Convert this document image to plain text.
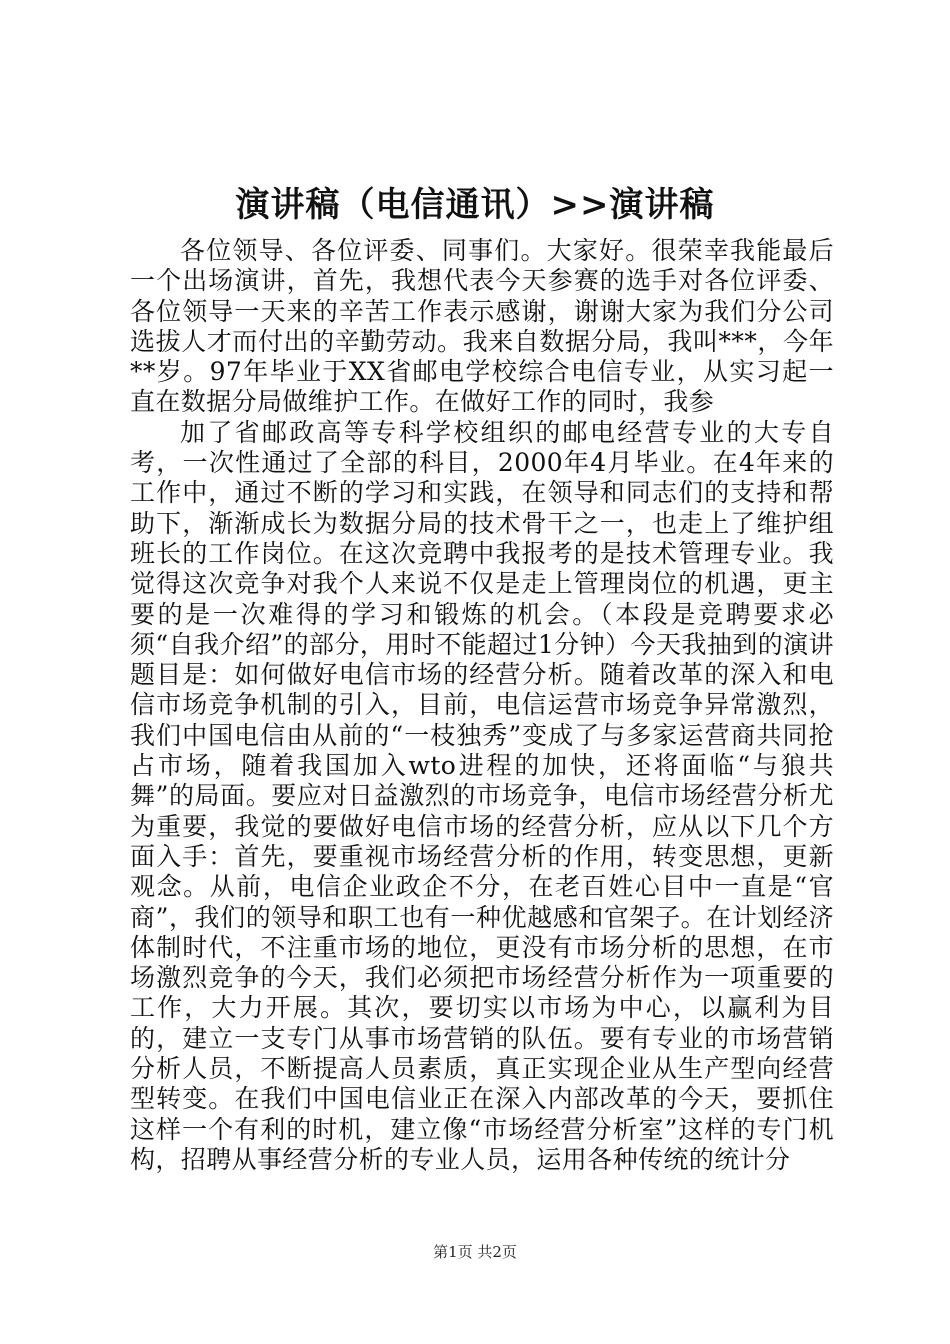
演讲稿（电信通讯）>>演讲稿

各位领导、各位评委、同事们。大家好。很荣幸我能最后一个出场演讲，首先，我想代表今天参赛的选手对各位评委、各位领导一天来的辛苦工作表示感谢，谢谢大家为我们分公司选拔人才而付出的辛勤劳动。我来自数据分局，我叫***，今年**岁。97年毕业于XX省邮电学校综合电信专业，从实习起一直在数据分局做维护工作。在做好工作的同时，我参

加了省邮政高等专科学校组织的邮电经营专业的大专自考，一次性通过了全部的科目，2000年4月毕业。在4年来的工作中，通过不断的学习和实践，在领导和同志们的支持和帮助下，渐渐成长为数据分局的技术骨干之一，也走上了维护组班长的工作岗位。在这次竞聘中我报考的是技术管理专业。我觉得这次竞争对我个人来说不仅是走上管理岗位的机遇，更主要的是一次难得的学习和锻炼的机会。（本段是竞聘要求必须“自我介绍”的部分，用时不能超过1分钟）今天我抽到的演讲题目是：如何做好电信市场的经营分析。随着改革的深入和电信市场竞争机制的引入，目前，电信运营市场竞争异常激烈，我们中国电信由从前的“一枝独秀”变成了与多家运营商共同抢占市场，随着我国加入wto进程的加快，还将面临“与狼共舞”的局面。要应对日益激烈的市场竞争，电信市场经营分析尤为重要，我觉的要做好电信市场的经营分析，应从以下几个方面入手：首先，要重视市场经营分析的作用，转变思想，更新观念。从前，电信企业政企不分，在老百姓心目中一直是“官商”，我们的领导和职工也有一种优越感和官架子。在计划经济体制时代，不注重市场的地位，更没有市场分析的思想，在市场激烈竞争的今天，我们必须把市场经营分析作为一项重要的工作，大力开展。其次，要切实以市场为中心，以赢利为目的，建立一支专门从事市场营销的队伍。要有专业的市场营销分析人员，不断提高人员素质，真正实现企业从生产型向经营型转变。在我们中国电信业正在深入内部改革的今天，要抓住这样一个有利的时机，建立像“市场经营分析室”这样的专门机构，招聘从事经营分析的专业人员，运用各种传统的统计分

第1页 共2页
